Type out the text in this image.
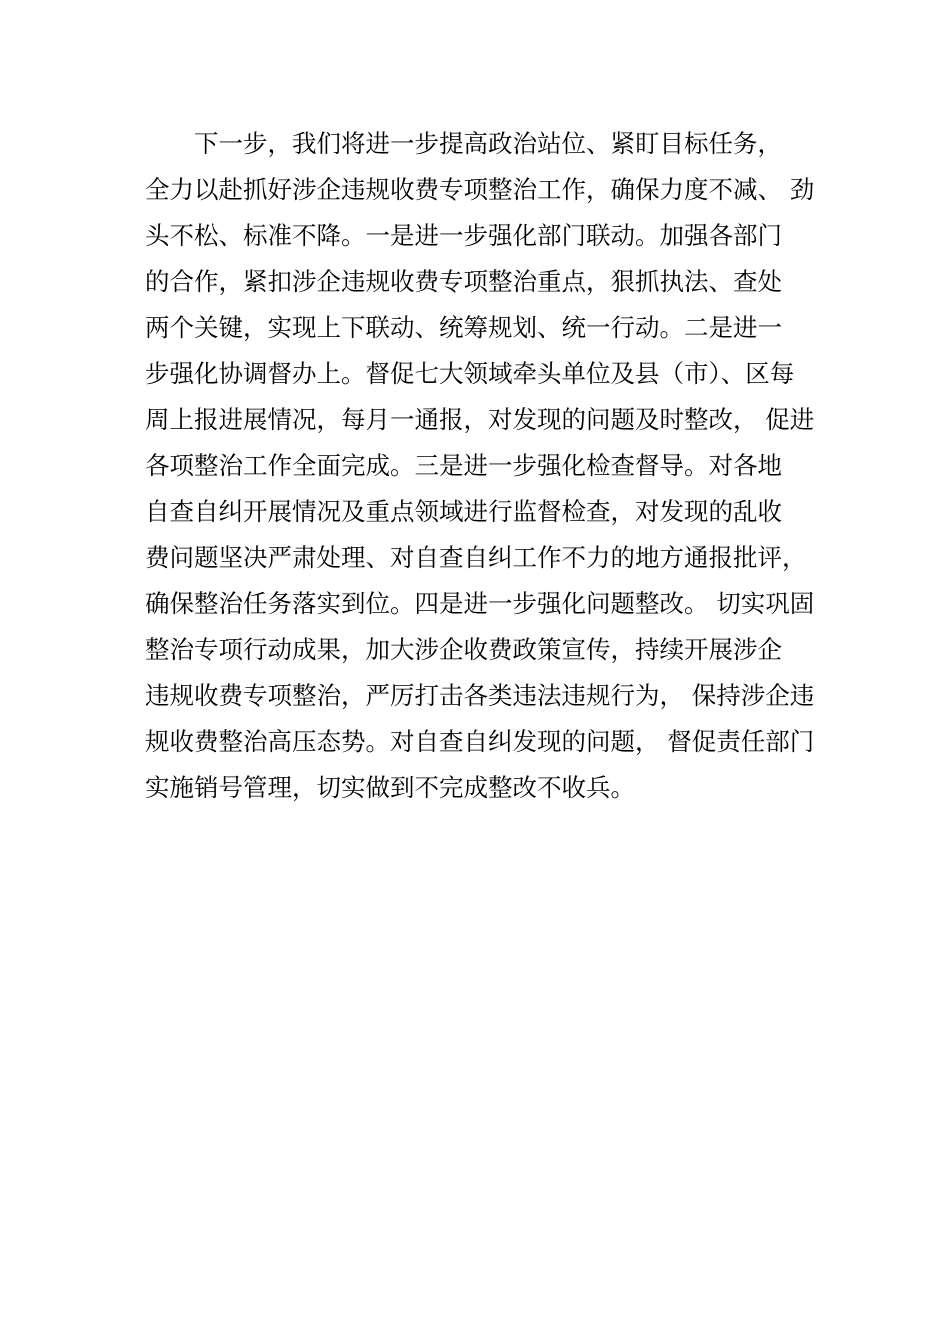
下一步，我们将进一步提高政治站位、紧盯目标任务，
全力以赴抓好涉企违规收费专项整治工作，确保力度不减、 劲
头不松、标准不降。一是进一步强化部门联动。加强各部门
的合作，紧扣涉企违规收费专项整治重点，狠抓执法、查处
两个关键，实现上下联动、统筹规划、统一行动。二是进一
步强化协调督办上。督促七大领域牵头单位及县（市）、区每
周上报进展情况，每月一通报，对发现的问题及时整改， 促进
各项整治工作全面完成。三是进一步强化检查督导。对各地
自查自纠开展情况及重点领域进行监督检查，对发现的乱收
费问题坚决严肃处理、对自查自纠工作不力的地方通报批评，
确保整治任务落实到位。四是进一步强化问题整改。 切实巩固
整治专项行动成果，加大涉企收费政策宣传，持续开展涉企
违规收费专项整治，严厉打击各类违法违规行为， 保持涉企违
规收费整治高压态势。对自查自纠发现的问题， 督促责任部门
实施销号管理，切实做到不完成整改不收兵。
